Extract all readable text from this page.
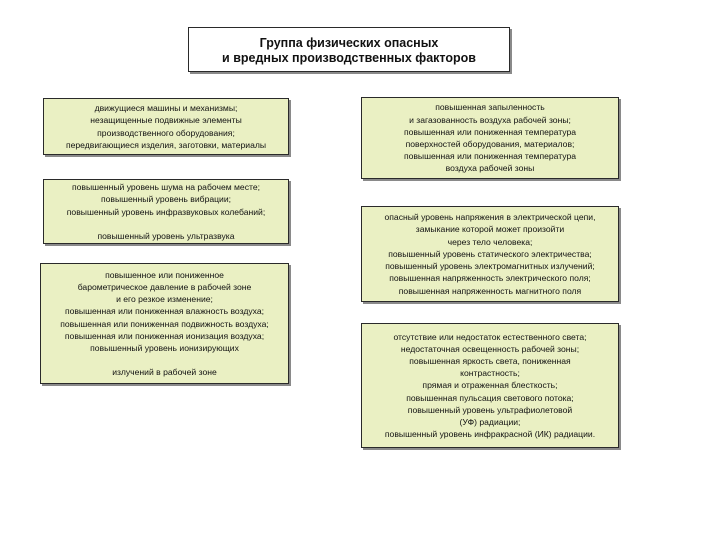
Группа физических опасных
и вредных производственных факторов
движущиеся машины и механизмы;
незащищенные подвижные элементы
производственного оборудования;
передвигающиеся изделия, заготовки, материалы
повышенный уровень шума на рабочем месте;
повышенный уровень вибрации;
повышенный уровень инфразвуковых колебаний;
повышенный уровень ультразвука
повышенное или пониженное
барометрическое давление в рабочей зоне
и его резкое изменение;
повышенная или пониженная влажность воздуха;
повышенная или пониженная подвижность воздуха;
повышенная или пониженная ионизация воздуха;
повышенный уровень ионизирующих
излучений в рабочей зоне
повышенная запыленность
и загазованность воздуха рабочей зоны;
повышенная или пониженная температура
поверхностей оборудования, материалов;
повышенная или пониженная температура
воздуха рабочей зоны
опасный уровень напряжения в электрической цепи,
замыкание которой может произойти
через тело человека;
повышенный уровень статического электричества;
повышенный уровень электромагнитных излучений;
повышенная напряженность электрического поля;
повышенная напряженность магнитного поля
отсутствие или недостаток естественного света;
недостаточная освещенность рабочей зоны;
повышенная яркость света, пониженная
контрастность;
прямая и отраженная блесткость;
повышенная пульсация светового потока;
повышенный уровень ультрафиолетовой
(УФ) радиации;
повышенный уровень инфракрасной (ИК) радиации.
